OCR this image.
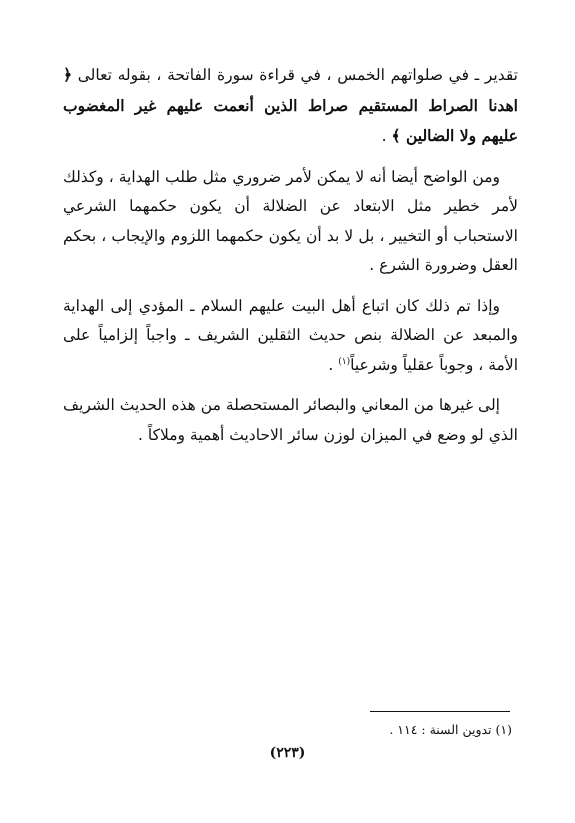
تقدير ـ في صلواتهم الخمس ، في قراءة سورة الفاتحة ، بقوله تعالى ﴿ اهدنا الصراط المستقيم صراط الذين أنعمت عليهم غير المغضوب عليهم ولا الضالين ﴾ .

ومن الواضح أيضا أنه لا يمكن لأمر ضروري مثل طلب الهداية ، وكذلك لأمر خطير مثل الابتعاد عن الضلالة أن يكون حكمهما الشرعي الاستحباب أو التخيير ، بل لا بد أن يكون حكمهما اللزوم والإيجاب ، بحكم العقل وضرورة الشرع .

وإذا تم ذلك كان اتباع أهل البيت عليهم السلام ـ المؤدي إلى الهداية والمبعد عن الضلالة بنص حديث الثقلين الشريف ـ واجباً إلزامياً على الأمة ، وجوباً عقلياً وشرعياً$^{(١)}$ .

إلى غيرها من المعاني والبصائر المستحصلة من هذه الحديث الشريف الذي لو وضع في الميزان لوزن سائر الاحاديث أهمية وملاكاً .

(١) تدوين السنة : ١١٤ .
(٢٢٣)
